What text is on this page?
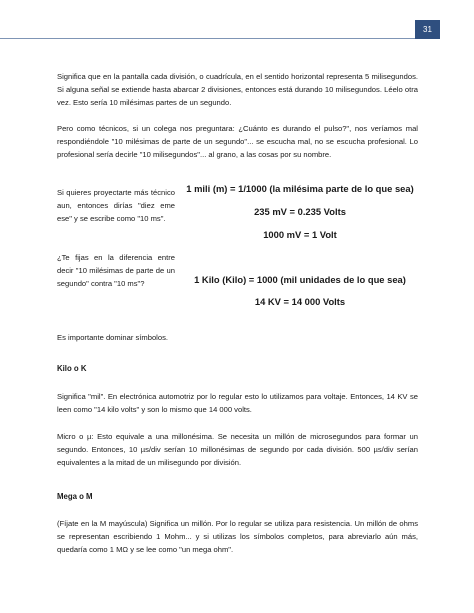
31

Significa que en la pantalla cada división, o cuadrícula, en el sentido horizontal representa 5 milisegundos. Si alguna señal se extiende hasta abarcar 2 divisiones, entonces está durando 10 milisegundos. Léelo otra vez. Esto sería 10 milésimas partes de un segundo.

Pero como técnicos, si un colega nos preguntara: ¿Cuánto es durando el pulso?", nos veríamos mal respondiéndole "10 milésimas de parte de un segundo"... se escucha mal, no se escucha profesional. Lo profesional sería decirle "10 milisegundos"... al grano, a las cosas por su nombre.

Si quieres proyectarte más técnico aun, entonces dirías "diez eme ese" y se escribe como "10 ms".

¿Te fijas en la diferencia entre decir "10 milésimas de parte de un segundo" contra "10 ms"?

1 mili (m) = 1/1000 (la milésima parte de lo que sea)
235 mV = 0.235 Volts
1000 mV = 1 Volt
1 Kilo (Kilo) = 1000 (mil unidades de lo que sea)
14 KV = 14 000 Volts

Es importante dominar símbolos.

Kilo o K

Significa "mil". En electrónica automotriz por lo regular esto lo utilizamos para voltaje. Entonces, 14 KV se leen como "14 kilo volts" y son lo mismo que 14 000 volts.

Micro o µ: Esto equivale a una millonésima. Se necesita un millón de microsegundos para formar un segundo. Entonces, 10 µs/div serían 10 millonésimas de segundo por cada división. 500 µs/div serían equivalentes a la mitad de un milisegundo por división.

Mega o M

(Fíjate en la M mayúscula) Significa un millón. Por lo regular se utiliza para resistencia. Un millón de ohms se representan escribiendo 1 Mohm... y si utilizas los símbolos completos, para abreviarlo aún más, quedaría como 1 MΩ y se lee como "un mega ohm".
